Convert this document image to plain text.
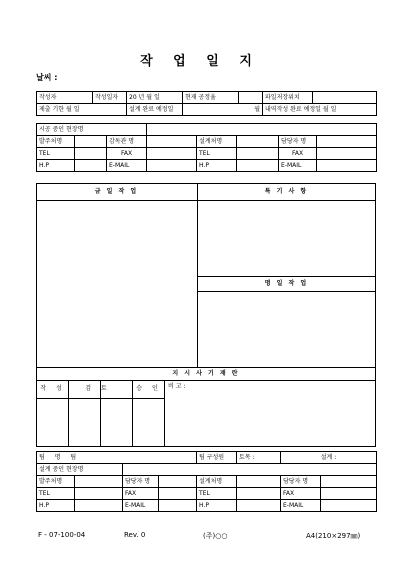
작 업 일 지
날씨 :
작성자	작성일자	20 년 월 일	현재 공정율		파일저장위치	
제출 기한 월 일		설계 완료 예정일	월		내역작성 완료 예정일 월 일	
시공 중인 현장명							
발주처명		감독관 명		설계처명		담당자 명	
TEL		FAX		TEL		FAX	
H.P		E-MAIL		H.P		E-MAIL	
금 일 작 업	특 기 사 항
명 일 작 업
지 시 사 기 재 란
작 성	검 토	승 인	비 고 :
팀 명 팀				팀 구성원	토목 :	설계 :	
설계 중인 현장명							
발주처명		담당자 명		설계처명		담당자 명	
TEL		FAX		TEL		FAX	
H.P		E-MAIL		H.P		E-MAIL	
F - 07-100-04	Rev. 0	(주)○○	A4(210×297㎜)
